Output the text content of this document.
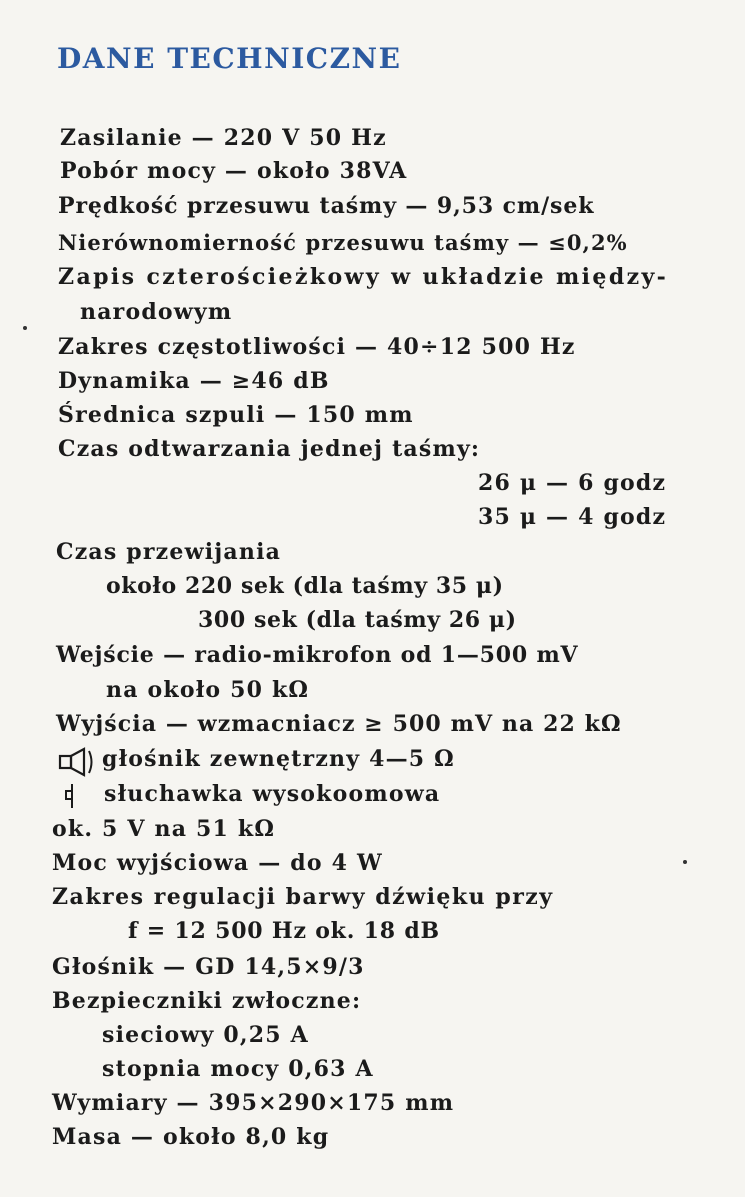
DANE TECHNICZNE
Zasilanie — 220 V 50 Hz
Pobór mocy — około 38VA
Prędkość przesuwu taśmy — 9,53 cm/sek
Nierównomierność przesuwu taśmy — ≤0,2%
Zapis czterościeżkowy w układzie między-
narodowym
Zakres częstotliwości — 40÷12 500 Hz
Dynamika — ≥46 dB
Średnica szpuli — 150 mm
Czas odtwarzania jednej taśmy:
26 μ — 6 godz
35 μ — 4 godz
Czas przewijania
około 220 sek (dla taśmy 35 μ)
300 sek (dla taśmy 26 μ)
Wejście — radio-mikrofon od 1—500 mV
na około 50 kΩ
Wyjścia — wzmacniacz ≥ 500 mV na 22 kΩ
głośnik zewnętrzny 4—5 Ω
słuchawka wysokoomowa
ok. 5 V na 51 kΩ
Moc wyjściowa — do 4 W
Zakres regulacji barwy dźwięku przy
f = 12 500 Hz ok. 18 dB
Głośnik — GD 14,5×9/3
Bezpieczniki zwłoczne:
sieciowy 0,25 A
stopnia mocy 0,63 A
Wymiary — 395×290×175 mm
Masa — około 8,0 kg
